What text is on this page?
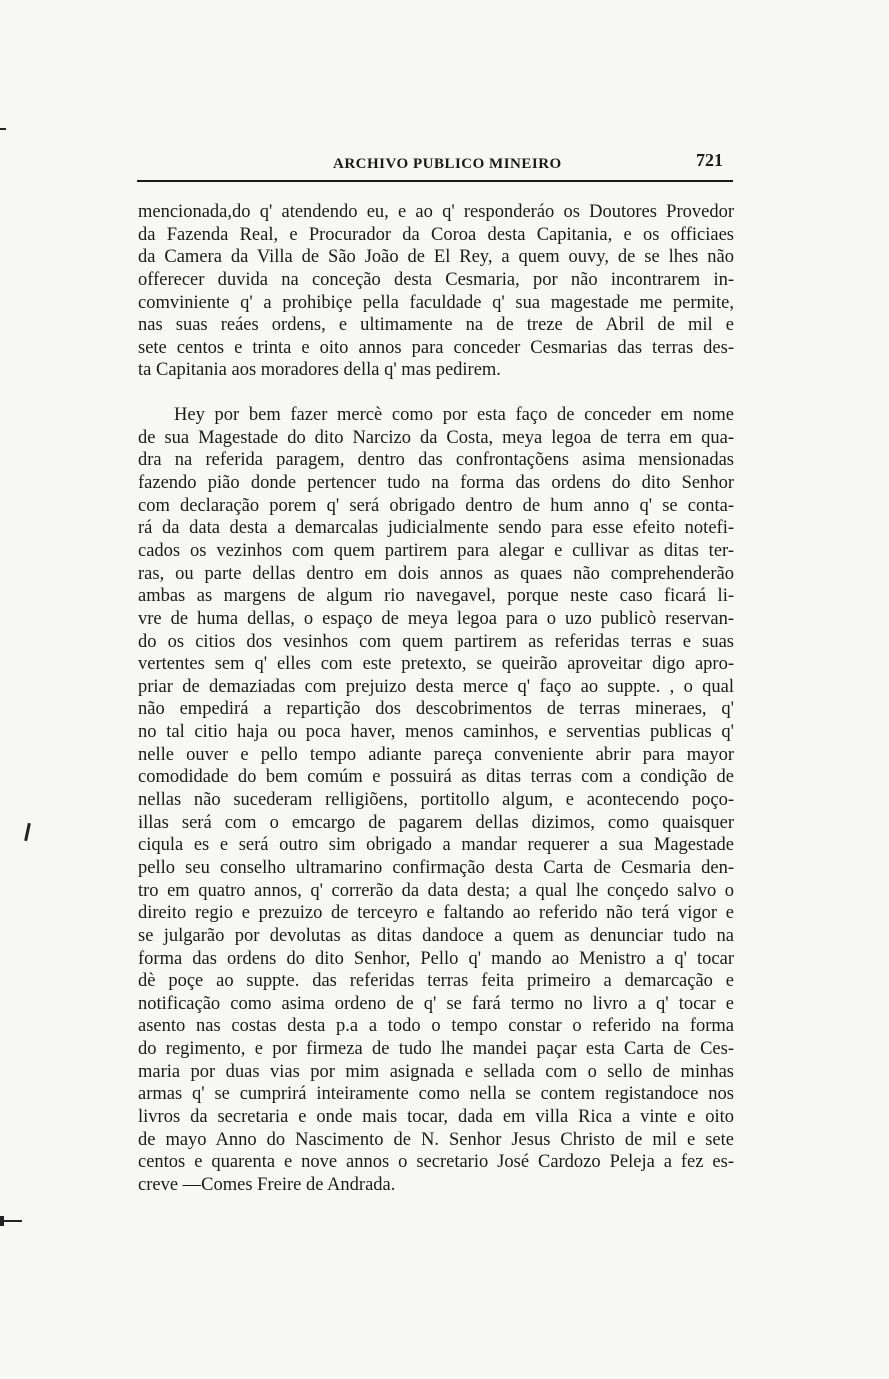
ARCHIVO PUBLICO MINEIRO	721
mencionada,do q' atendendo eu, e ao q' responderáo os Doutores Provedor
da Fazenda Real, e Procurador da Coroa desta Capitania, e os officiaes
da Camera da Villa de São João de El Rey, a quem ouvy, de se lhes não
offerecer duvida na conceção desta Cesmaria, por não incontrarem in-
comviniente q' a prohibiçe pella faculdade q' sua magestade me permite,
nas suas reáes ordens, e ultimamente na de treze de Abril de mil e
sete centos e trinta e oito annos para conceder Cesmarias das terras des-
ta Capitania aos moradores della q' mas pedirem.
Hey por bem fazer mercè como por esta faço de conceder em nome
de sua Magestade do dito Narcizo da Costa, meya legoa de terra em qua-
dra na referida paragem, dentro das confrontaçõens asima mensionadas
fazendo pião donde pertencer tudo na forma das ordens do dito Senhor
com declaração porem q' será obrigado dentro de hum anno q' se conta-
rá da data desta a demarcalas judicialmente sendo para esse efeito notefi-
cados os vezinhos com quem partirem para alegar e cullivar as ditas ter-
ras, ou parte dellas dentro em dois annos as quaes não comprehenderão
ambas as margens de algum rio navegavel, porque neste caso ficará li-
vre de huma dellas, o espaço de meya legoa para o uzo publicò reservan-
do os citios dos vesinhos com quem partirem as referidas terras e suas
vertentes sem q' elles com este pretexto, se queirão aproveitar digo apro-
priar de demaziadas com prejuizo desta merce q' faço ao suppte. , o qual
não empedirá a repartição dos descobrimentos de terras mineraes, q'
no tal citio haja ou poca haver, menos caminhos, e serventias publicas q'
nelle ouver e pello tempo adiante pareça conveniente abrir para mayor
comodidade do bem comúm e possuirá as ditas terras com a condição de
nellas não sucederam relligiõens, portitollo algum, e acontecendo poço-
illas será com o emcargo de pagarem dellas dizimos, como quaisquer
ciqula es e será outro sim obrigado a mandar requerer a sua Magestade
pello seu conselho ultramarino confirmação desta Carta de Cesmaria den-
tro em quatro annos, q' correrão da data desta; a qual lhe conçedo salvo o
direito regio e prezuizo de terceyro e faltando ao referido não terá vigor e
se julgarão por devolutas as ditas dandoce a quem as denunciar tudo na
forma das ordens do dito Senhor, Pello q' mando ao Menistro a q' tocar
dè poçe ao suppte. das referidas terras feita primeiro a demarcação e
notificação como asima ordeno de q' se fará termo no livro a q' tocar e
asento nas costas desta p.a a todo o tempo constar o referido na forma
do regimento, e por firmeza de tudo lhe mandei paçar esta Carta de Ces-
maria por duas vias por mim asignada e sellada com o sello de minhas
armas q' se cumprirá inteiramente como nella se contem registandoce nos
livros da secretaria e onde mais tocar, dada em villa Rica a vinte e oito
de mayo Anno do Nascimento de N. Senhor Jesus Christo de mil e sete
centos e quarenta e nove annos o secretario José Cardozo Peleja a fez es-
creve —Comes Freire de Andrada.
